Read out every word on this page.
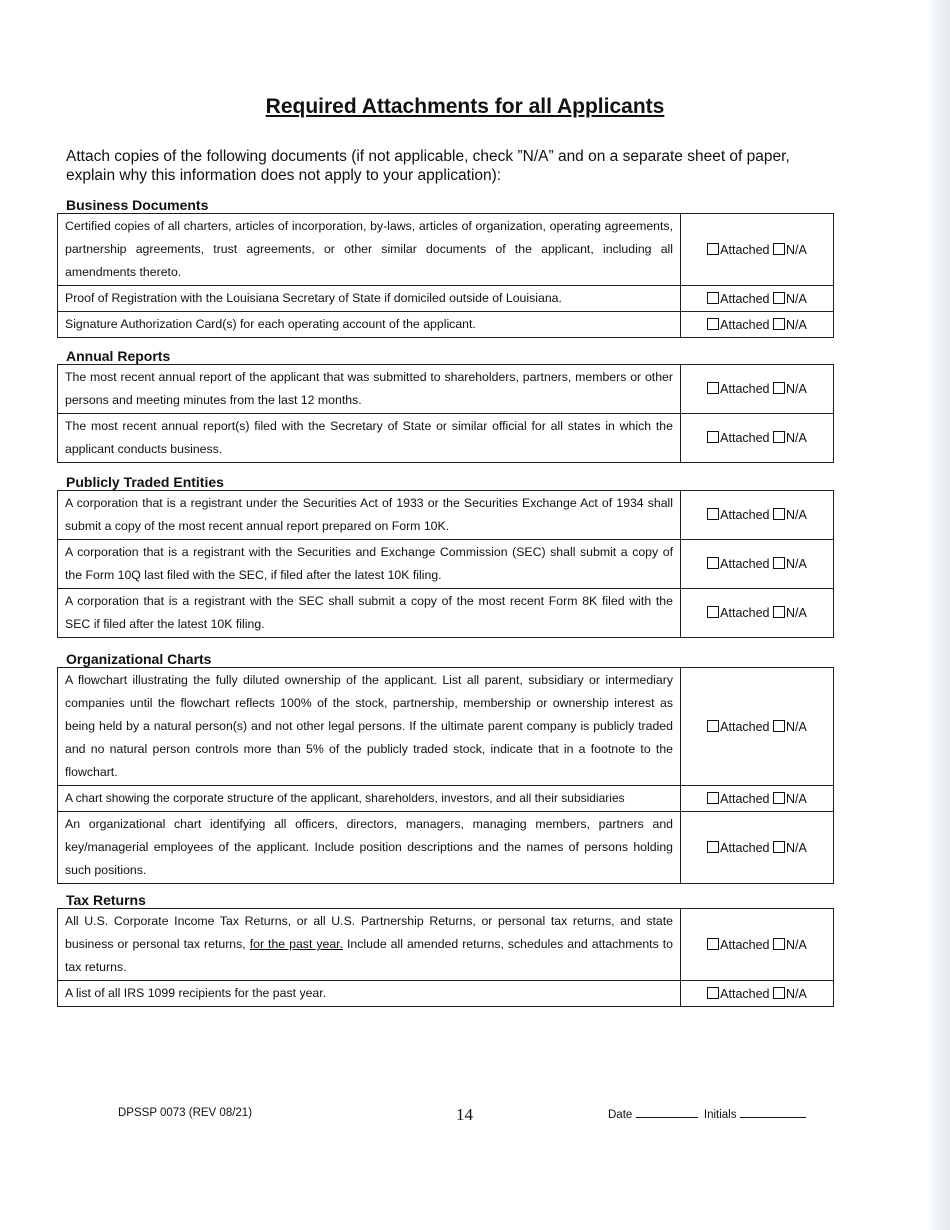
Required Attachments for all Applicants

Attach copies of the following documents (if not applicable, check ”N/A” and on a separate sheet of paper, explain why this information does not apply to your application):

Business Documents
Certified copies of all charters, articles of incorporation, by-laws, articles of organization, operating agreements, partnership agreements, trust agreements, or other similar documents of the applicant, including all amendments thereto.	Attached N/A
Proof of Registration with the Louisiana Secretary of State if domiciled outside of Louisiana.	Attached N/A
Signature Authorization Card(s) for each operating account of the applicant.	Attached N/A
Annual Reports
The most recent annual report of the applicant that was submitted to shareholders, partners, members or other persons and meeting minutes from the last 12 months.	Attached N/A
The most recent annual report(s) filed with the Secretary of State or similar official for all states in which the applicant conducts business.	Attached N/A
Publicly Traded Entities
A corporation that is a registrant under the Securities Act of 1933 or the Securities Exchange Act of 1934 shall submit a copy of the most recent annual report prepared on Form 10K.	Attached N/A
A corporation that is a registrant with the Securities and Exchange Commission (SEC) shall submit a copy of the Form 10Q last filed with the SEC, if filed after the latest 10K filing.	Attached N/A
A corporation that is a registrant with the SEC shall submit a copy of the most recent Form 8K filed with the SEC if filed after the latest 10K filing.	Attached N/A
Organizational Charts
A flowchart illustrating the fully diluted ownership of the applicant. List all parent, subsidiary or intermediary companies until the flowchart reflects 100% of the stock, partnership, membership or ownership interest as being held by a natural person(s) and not other legal persons. If the ultimate parent company is publicly traded and no natural person controls more than 5% of the publicly traded stock, indicate that in a footnote to the flowchart.	Attached N/A
A chart showing the corporate structure of the applicant, shareholders, investors, and all their subsidiaries	Attached N/A
An organizational chart identifying all officers, directors, managers, managing members, partners and key/managerial employees of the applicant. Include position descriptions and the names of persons holding such positions.	Attached N/A
Tax Returns
All U.S. Corporate Income Tax Returns, or all U.S. Partnership Returns, or personal tax returns, and state business or personal tax returns, for the past year. Include all amended returns, schedules and attachments to tax returns.	Attached N/A
A list of all IRS 1099 recipients for the past year.	Attached N/A
DPSSP 0073 (REV 08/21)	14	Date	Initials
